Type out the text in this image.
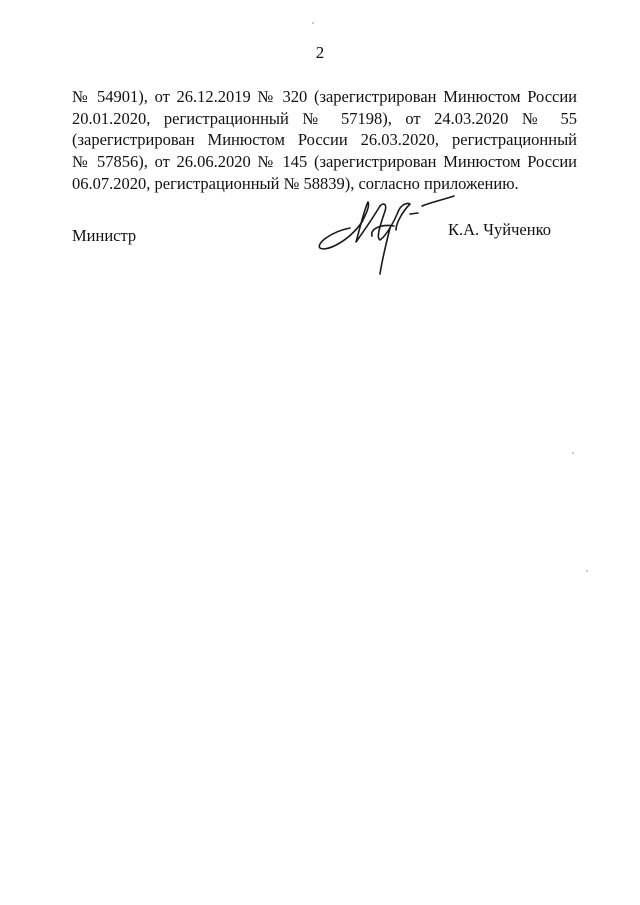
2

№ 54901), от 26.12.2019 № 320 (зарегистрирован Минюстом России
20.01.2020, регистрационный № 57198), от 24.03.2020 № 55
(зарегистрирован Минюстом России 26.03.2020, регистрационный
№ 57856), от 26.06.2020 № 145 (зарегистрирован Минюстом России
06.07.2020, регистрационный № 58839), согласно приложению.

Министр	К.А. Чуйченко
